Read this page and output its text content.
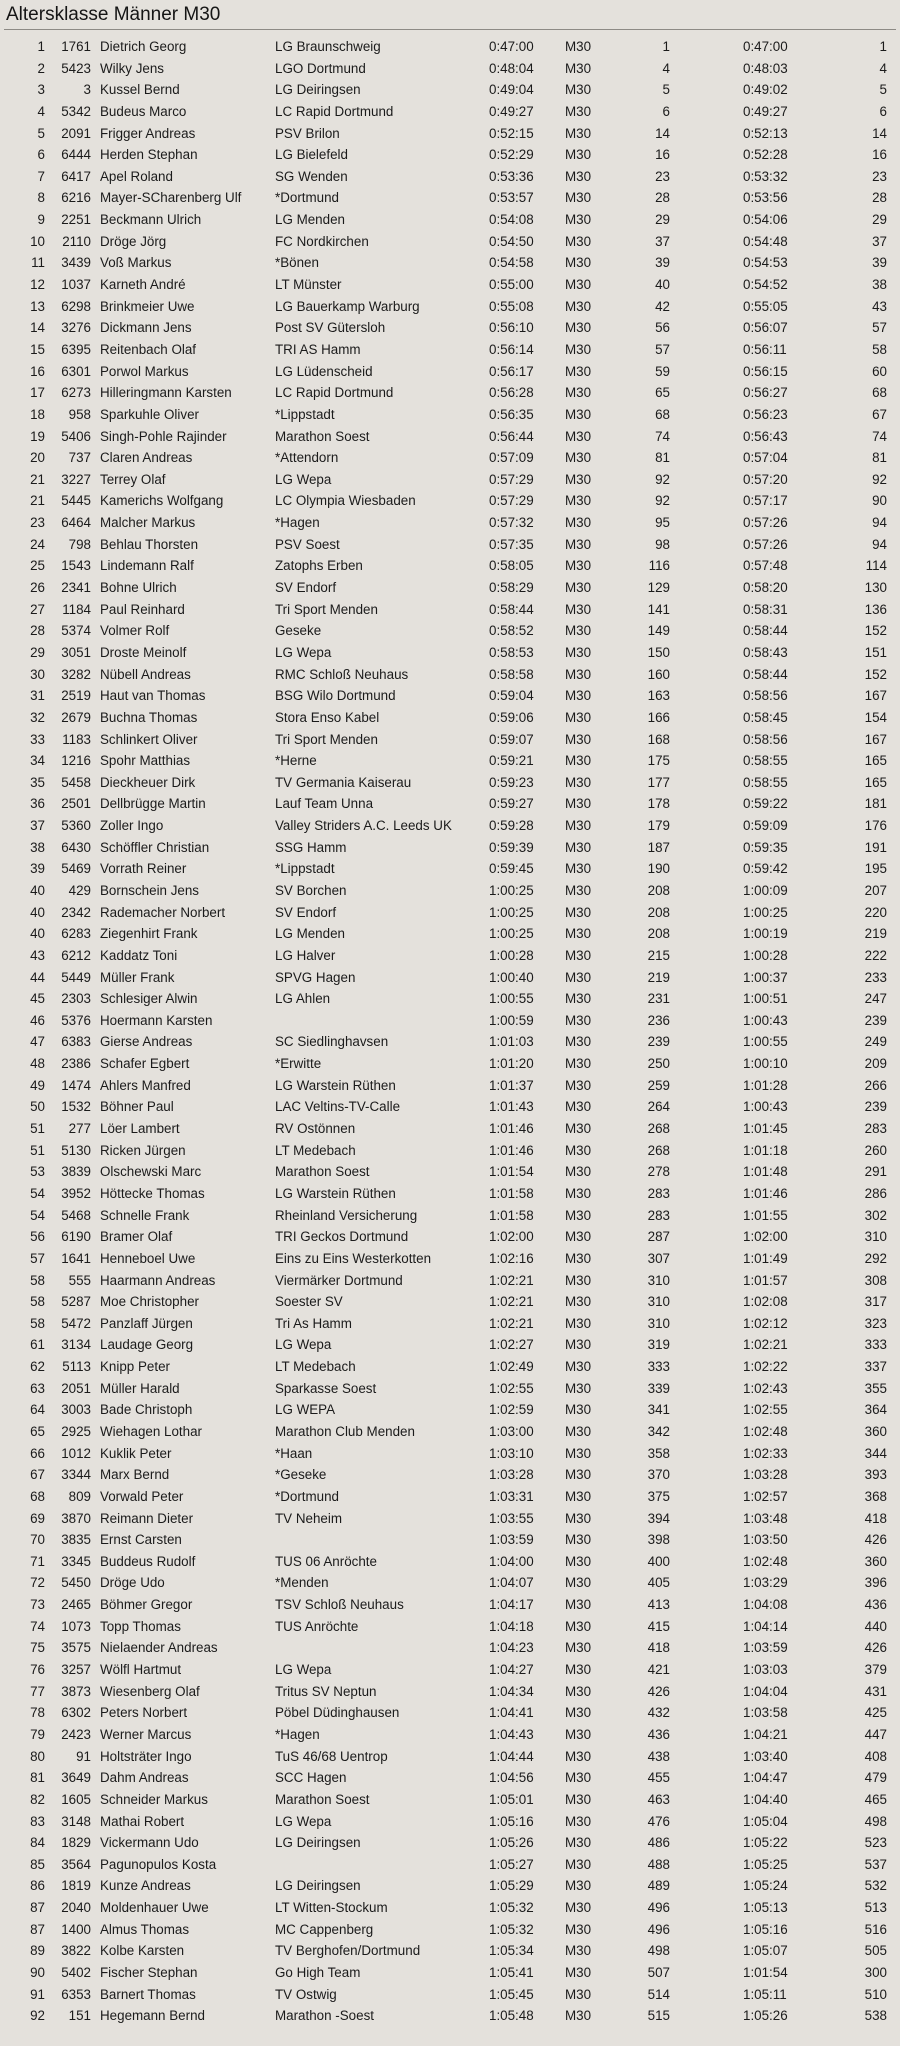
Altersklasse Männer M30
1	1761 Dietrich Georg	LG Braunschweig	0:47:00 M30	1	0:47:00	1
2	5423 Wilky Jens	LGO Dortmund	0:48:04 M30	4	0:48:03	4
3	3 Kussel Bernd	LG Deiringsen	0:49:04 M30	5	0:49:02	5
4	5342 Budeus Marco	LC Rapid Dortmund	0:49:27 M30	6	0:49:27	6
5	2091 Frigger Andreas	PSV Brilon	0:52:15 M30	14	0:52:13	14
6	6444 Herden Stephan	LG Bielefeld	0:52:29 M30	16	0:52:28	16
7	6417 Apel Roland	SG Wenden	0:53:36 M30	23	0:53:32	23
8	6216 Mayer-SCharenberg Ulf	*Dortmund	0:53:57 M30	28	0:53:56	28
9	2251 Beckmann Ulrich	LG Menden	0:54:08 M30	29	0:54:06	29
10	2110 Dröge Jörg	FC Nordkirchen	0:54:50 M30	37	0:54:48	37
11	3439 Voß Markus	*Bönen	0:54:58 M30	39	0:54:53	39
12	1037 Karneth André	LT Münster	0:55:00 M30	40	0:54:52	38
13	6298 Brinkmeier Uwe	LG Bauerkamp Warburg	0:55:08 M30	42	0:55:05	43
14	3276 Dickmann Jens	Post SV Gütersloh	0:56:10 M30	56	0:56:07	57
15	6395 Reitenbach Olaf	TRI AS Hamm	0:56:14 M30	57	0:56:11	58
16	6301 Porwol Markus	LG Lüdenscheid	0:56:17 M30	59	0:56:15	60
17	6273 Hilleringmann Karsten	LC Rapid Dortmund	0:56:28 M30	65	0:56:27	68
18	958 Sparkuhle Oliver	*Lippstadt	0:56:35 M30	68	0:56:23	67
19	5406 Singh-Pohle Rajinder	Marathon Soest	0:56:44 M30	74	0:56:43	74
20	737 Claren Andreas	*Attendorn	0:57:09 M30	81	0:57:04	81
21	3227 Terrey Olaf	LG Wepa	0:57:29 M30	92	0:57:20	92
21	5445 Kamerichs Wolfgang	LC Olympia Wiesbaden	0:57:29 M30	92	0:57:17	90
23	6464 Malcher Markus	*Hagen	0:57:32 M30	95	0:57:26	94
24	798 Behlau Thorsten	PSV Soest	0:57:35 M30	98	0:57:26	94
25	1543 Lindemann Ralf	Zatophs Erben	0:58:05 M30	116	0:57:48	114
26	2341 Bohne Ulrich	SV Endorf	0:58:29 M30	129	0:58:20	130
27	1184 Paul Reinhard	Tri Sport Menden	0:58:44 M30	141	0:58:31	136
28	5374 Volmer Rolf	Geseke	0:58:52 M30	149	0:58:44	152
29	3051 Droste Meinolf	LG Wepa	0:58:53 M30	150	0:58:43	151
30	3282 Nübell Andreas	RMC Schloß Neuhaus	0:58:58 M30	160	0:58:44	152
31	2519 Haut van Thomas	BSG Wilo Dortmund	0:59:04 M30	163	0:58:56	167
32	2679 Buchna Thomas	Stora Enso Kabel	0:59:06 M30	166	0:58:45	154
33	1183 Schlinkert Oliver	Tri Sport Menden	0:59:07 M30	168	0:58:56	167
34	1216 Spohr Matthias	*Herne	0:59:21 M30	175	0:58:55	165
35	5458 Dieckheuer Dirk	TV Germania Kaiserau	0:59:23 M30	177	0:58:55	165
36	2501 Dellbrügge Martin	Lauf Team Unna	0:59:27 M30	178	0:59:22	181
37	5360 Zoller Ingo	Valley Striders A.C. Leeds UK	0:59:28 M30	179	0:59:09	176
38	6430 Schöffler Christian	SSG Hamm	0:59:39 M30	187	0:59:35	191
39	5469 Vorrath Reiner	*Lippstadt	0:59:45 M30	190	0:59:42	195
40	429 Bornschein Jens	SV Borchen	1:00:25 M30	208	1:00:09	207
40	2342 Rademacher Norbert	SV Endorf	1:00:25 M30	208	1:00:25	220
40	6283 Ziegenhirt Frank	LG Menden	1:00:25 M30	208	1:00:19	219
43	6212 Kaddatz Toni	LG Halver	1:00:28 M30	215	1:00:28	222
44	5449 Müller Frank	SPVG Hagen	1:00:40 M30	219	1:00:37	233
45	2303 Schlesiger Alwin	LG Ahlen	1:00:55 M30	231	1:00:51	247
46	5376 Hoermann Karsten	1:00:59 M30	236	1:00:43	239
47	6383 Gierse Andreas	SC Siedlinghavsen	1:01:03 M30	239	1:00:55	249
48	2386 Schafer Egbert	*Erwitte	1:01:20 M30	250	1:00:10	209
49	1474 Ahlers Manfred	LG Warstein Rüthen	1:01:37 M30	259	1:01:28	266
50	1532 Böhner Paul	LAC Veltins-TV-Calle	1:01:43 M30	264	1:00:43	239
51	277 Löer Lambert	RV Ostönnen	1:01:46 M30	268	1:01:45	283
51	5130 Ricken Jürgen	LT Medebach	1:01:46 M30	268	1:01:18	260
53	3839 Olschewski Marc	Marathon Soest	1:01:54 M30	278	1:01:48	291
54	3952 Höttecke Thomas	LG Warstein Rüthen	1:01:58 M30	283	1:01:46	286
54	5468 Schnelle Frank	Rheinland Versicherung	1:01:58 M30	283	1:01:55	302
56	6190 Bramer Olaf	TRI Geckos Dortmund	1:02:00 M30	287	1:02:00	310
57	1641 Henneboel Uwe	Eins zu Eins Westerkotten	1:02:16 M30	307	1:01:49	292
58	555 Haarmann Andreas	Viermärker Dortmund	1:02:21 M30	310	1:01:57	308
58	5287 Moe Christopher	Soester SV	1:02:21 M30	310	1:02:08	317
58	5472 Panzlaff Jürgen	Tri As Hamm	1:02:21 M30	310	1:02:12	323
61	3134 Laudage Georg	LG Wepa	1:02:27 M30	319	1:02:21	333
62	5113 Knipp Peter	LT Medebach	1:02:49 M30	333	1:02:22	337
63	2051 Müller Harald	Sparkasse Soest	1:02:55 M30	339	1:02:43	355
64	3003 Bade Christoph	LG WEPA	1:02:59 M30	341	1:02:55	364
65	2925 Wiehagen Lothar	Marathon Club Menden	1:03:00 M30	342	1:02:48	360
66	1012 Kuklik Peter	*Haan	1:03:10 M30	358	1:02:33	344
67	3344 Marx Bernd	*Geseke	1:03:28 M30	370	1:03:28	393
68	809 Vorwald Peter	*Dortmund	1:03:31 M30	375	1:02:57	368
69	3870 Reimann Dieter	TV Neheim	1:03:55 M30	394	1:03:48	418
70	3835 Ernst Carsten	1:03:59 M30	398	1:03:50	426
71	3345 Buddeus Rudolf	TUS 06 Anröchte	1:04:00 M30	400	1:02:48	360
72	5450 Dröge Udo	*Menden	1:04:07 M30	405	1:03:29	396
73	2465 Böhmer Gregor	TSV Schloß Neuhaus	1:04:17 M30	413	1:04:08	436
74	1073 Topp Thomas	TUS Anröchte	1:04:18 M30	415	1:04:14	440
75	3575 Nielaender Andreas	1:04:23 M30	418	1:03:59	426
76	3257 Wölfl Hartmut	LG Wepa	1:04:27 M30	421	1:03:03	379
77	3873 Wiesenberg Olaf	Tritus SV Neptun	1:04:34 M30	426	1:04:04	431
78	6302 Peters Norbert	Pöbel Düdinghausen	1:04:41 M30	432	1:03:58	425
79	2423 Werner Marcus	*Hagen	1:04:43 M30	436	1:04:21	447
80	91 Holtsträter Ingo	TuS 46/68 Uentrop	1:04:44 M30	438	1:03:40	408
81	3649 Dahm Andreas	SCC Hagen	1:04:56 M30	455	1:04:47	479
82	1605 Schneider Markus	Marathon Soest	1:05:01 M30	463	1:04:40	465
83	3148 Mathai Robert	LG Wepa	1:05:16 M30	476	1:05:04	498
84	1829 Vickermann Udo	LG Deiringsen	1:05:26 M30	486	1:05:22	523
85	3564 Pagunopulos Kosta	1:05:27 M30	488	1:05:25	537
86	1819 Kunze Andreas	LG Deiringsen	1:05:29 M30	489	1:05:24	532
87	2040 Moldenhauer Uwe	LT Witten-Stockum	1:05:32 M30	496	1:05:13	513
87	1400 Almus Thomas	MC Cappenberg	1:05:32 M30	496	1:05:16	516
89	3822 Kolbe Karsten	TV Berghofen/Dortmund	1:05:34 M30	498	1:05:07	505
90	5402 Fischer Stephan	Go High Team	1:05:41 M30	507	1:01:54	300
91	6353 Barnert Thomas	TV Ostwig	1:05:45 M30	514	1:05:11	510
92	151 Hegemann Bernd	Marathon -Soest	1:05:48 M30	515	1:05:26	538
